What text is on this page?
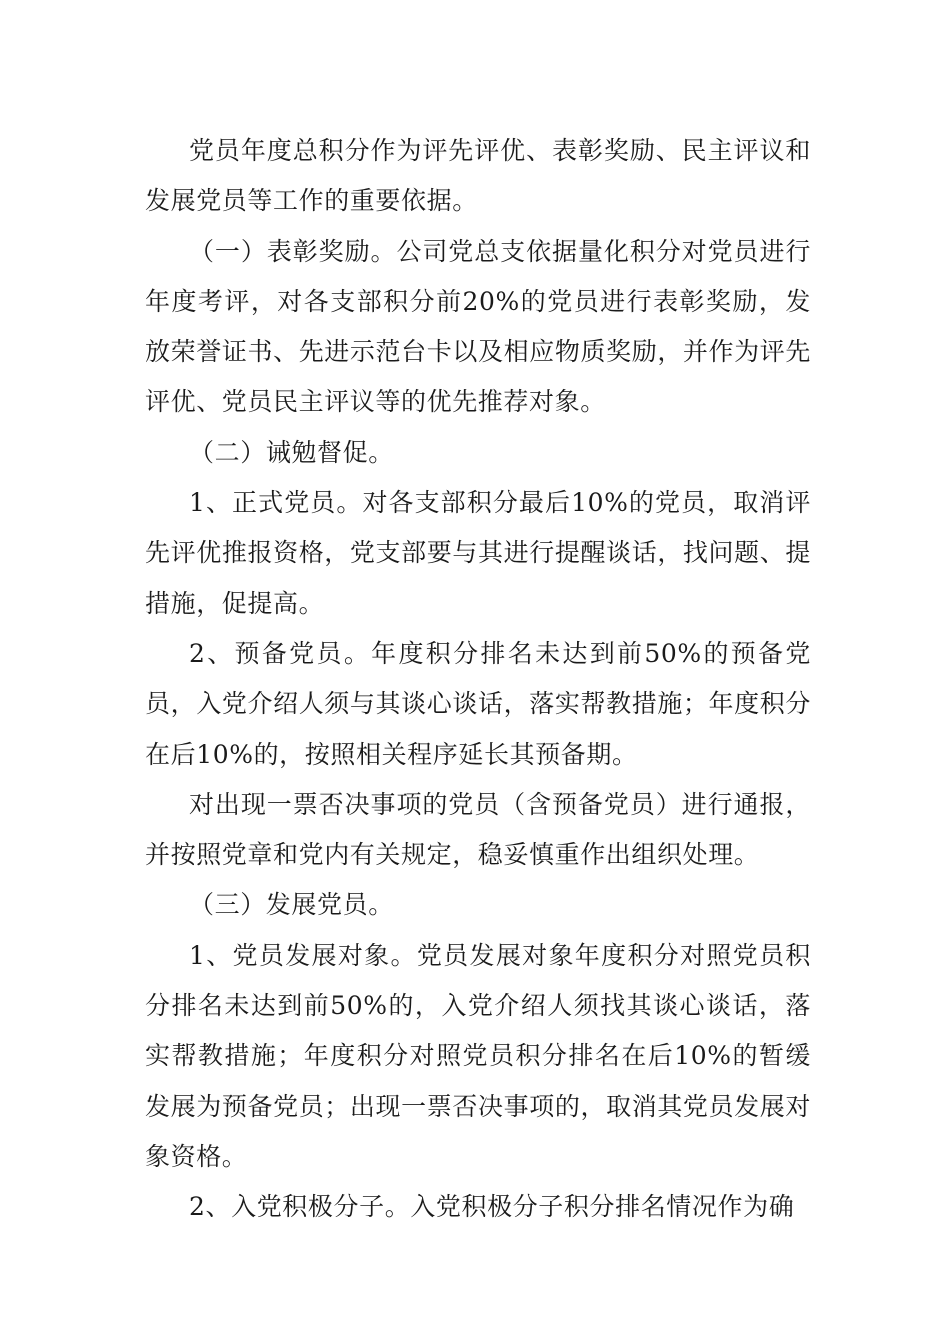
党员年度总积分作为评先评优、表彰奖励、民主评议和发展党员等工作的重要依据。

（一）表彰奖励。公司党总支依据量化积分对党员进行年度考评，对各支部积分前20%的党员进行表彰奖励，发放荣誉证书、先进示范台卡以及相应物质奖励，并作为评先评优、党员民主评议等的优先推荐对象。

（二）诫勉督促。

1、正式党员。对各支部积分最后10%的党员，取消评先评优推报资格，党支部要与其进行提醒谈话，找问题、提措施，促提高。

2、预备党员。年度积分排名未达到前50%的预备党员，入党介绍人须与其谈心谈话，落实帮教措施；年度积分在后10%的，按照相关程序延长其预备期。

对出现一票否决事项的党员（含预备党员）进行通报，并按照党章和党内有关规定，稳妥慎重作出组织处理。

（三）发展党员。

1、党员发展对象。党员发展对象年度积分对照党员积分排名未达到前50%的，入党介绍人须找其谈心谈话，落实帮教措施；年度积分对照党员积分排名在后10%的暂缓发展为预备党员；出现一票否决事项的，取消其党员发展对象资格。

2、入党积极分子。入党积极分子积分排名情况作为确
